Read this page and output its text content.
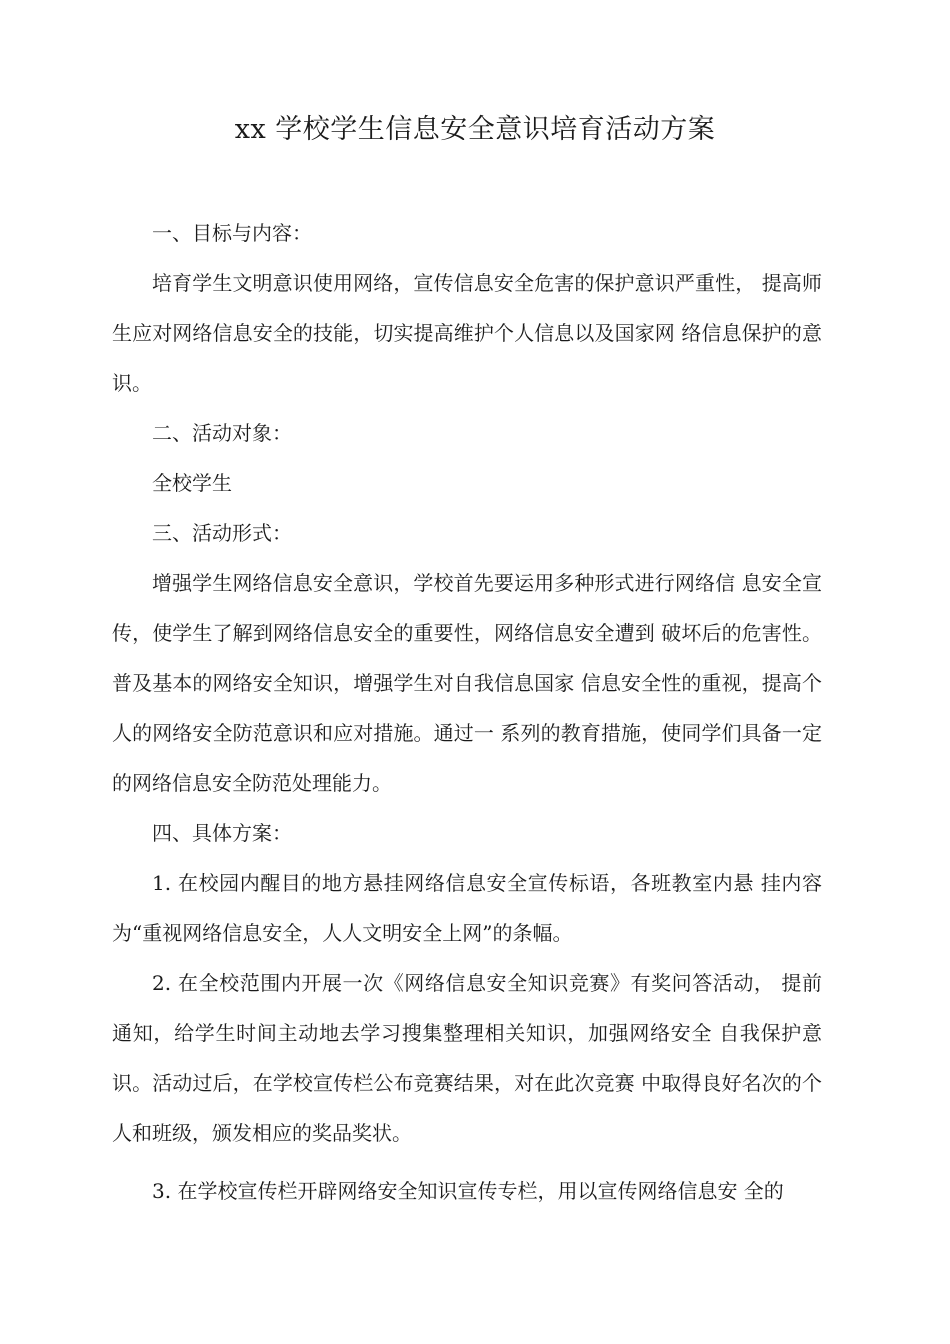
xx 学校学生信息安全意识培育活动方案

一、目标与内容：

培育学生文明意识使用网络，宣传信息安全危害的保护意识严重性， 提高师生应对网络信息安全的技能，切实提高维护个人信息以及国家网 络信息保护的意识。

二、活动对象：

全校学生

三、活动形式：

增强学生网络信息安全意识，学校首先要运用多种形式进行网络信 息安全宣传，使学生了解到网络信息安全的重要性，网络信息安全遭到 破坏后的危害性。普及基本的网络安全知识，增强学生对自我信息国家 信息安全性的重视，提高个人的网络安全防范意识和应对措施。通过一 系列的教育措施，使同学们具备一定的网络信息安全防范处理能力。

四、具体方案：

1. 在校园内醒目的地方悬挂网络信息安全宣传标语，各班教室内悬 挂内容为“重视网络信息安全，人人文明安全上网”的条幅。

2. 在全校范围内开展一次《网络信息安全知识竞赛》有奖问答活动， 提前通知，给学生时间主动地去学习搜集整理相关知识，加强网络安全 自我保护意识。活动过后，在学校宣传栏公布竞赛结果，对在此次竞赛 中取得良好名次的个人和班级，颁发相应的奖品奖状。

3. 在学校宣传栏开辟网络安全知识宣传专栏，用以宣传网络信息安 全的
